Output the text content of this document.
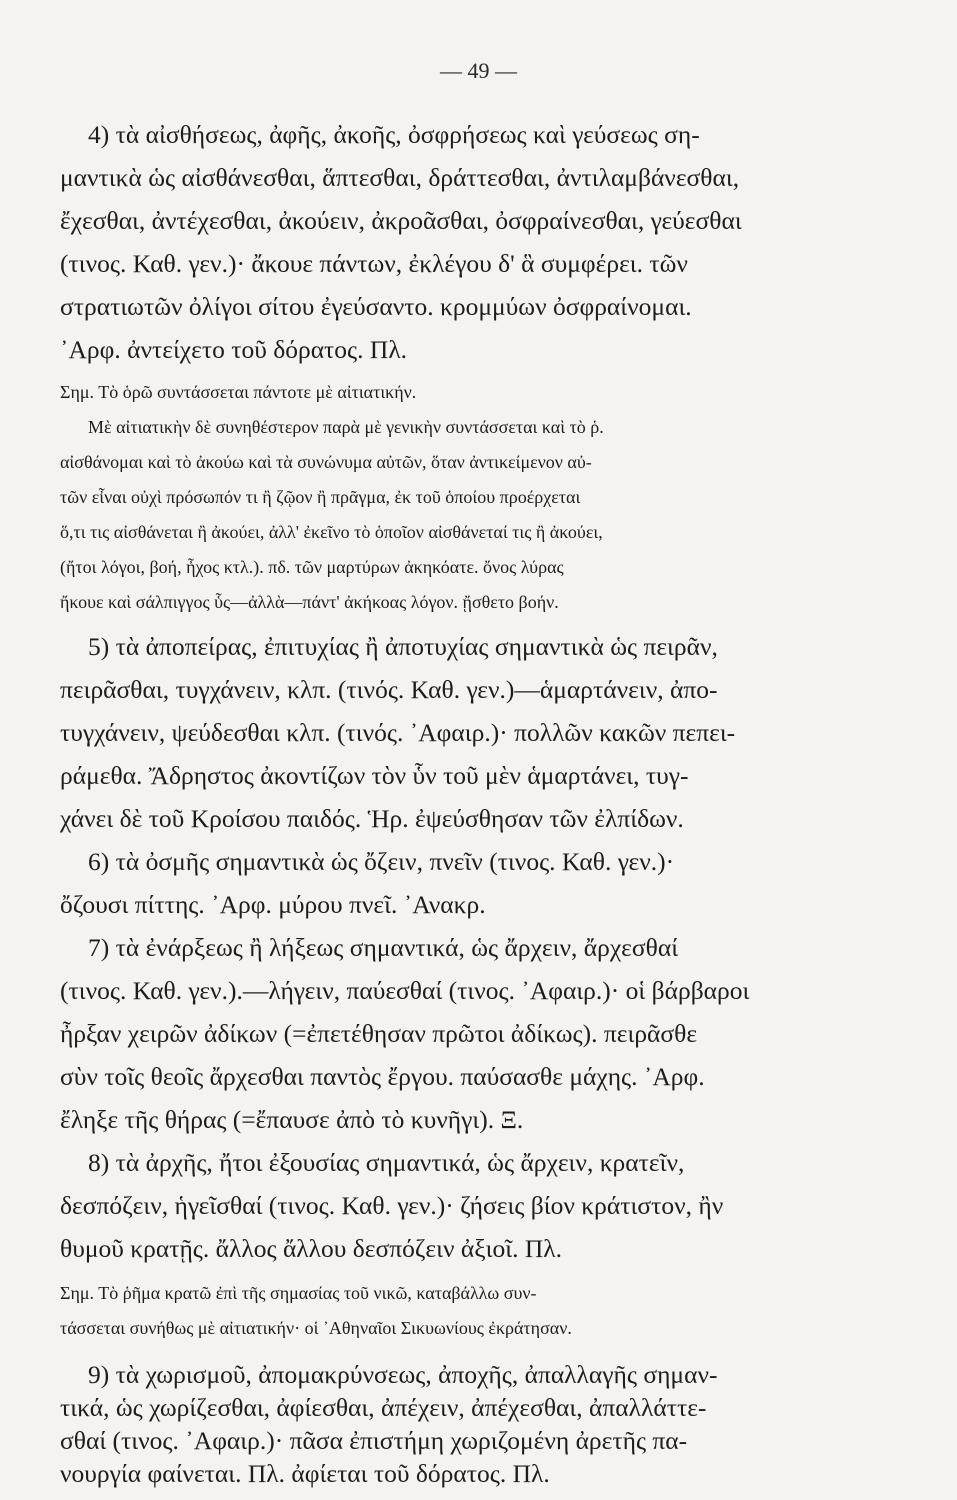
— 49 —
4) τὰ αἰσθήσεως, ἀφῆς, ἀκοῆς, ὀσφρήσεως καὶ γεύσεως ση-
μαντικὰ ὡς αἰσθάνεσθαι, ἅπτεσθαι, δράττεσθαι, ἀντιλαμβάνεσθαι,
ἔχεσθαι, ἀντέχεσθαι, ἀκούειν, ἀκροᾶσθαι, ὀσφραίνεσθαι, γεύεσθαι
(τινος. Καθ. γεν.)· ἄκουε πάντων, ἐκλέγου δ' ἃ συμφέρει. τῶν
στρατιωτῶν ὀλίγοι σίτου ἐγεύσαντο. κρομμύων ὀσφραίνομαι.
᾿Αρφ. ἀντείχετο τοῦ δόρατος. Πλ.
Σημ. Τὸ ὁρῶ συντάσσεται πάντοτε μὲ αἰτιατικήν.
Μὲ αἰτιατικὴν δὲ συνηθέστερον παρὰ μὲ γενικὴν συντάσσεται καὶ τὸ ῥ.
αἰσθάνομαι καὶ τὸ ἀκούω καὶ τὰ συνώνυμα αὐτῶν, ὅταν ἀντικείμενον αὐ-
τῶν εἶναι οὐχὶ πρόσωπόν τι ἢ ζῷον ἢ πρᾶγμα, ἐκ τοῦ ὁποίου προέρχεται
ὅ,τι τις αἰσθάνεται ἢ ἀκούει, ἀλλ' ἐκεῖνο τὸ ὁποῖον αἰσθάνεταί τις ἢ ἀκούει,
(ἤτοι λόγοι, βοή, ἦχος κτλ.). πδ. τῶν μαρτύρων ἀκηκόατε. ὄνος λύρας
ἤκουε καὶ σάλπιγγος ὗς—ἀλλὰ—πάντ' ἀκήκοας λόγον. ᾔσθετο βοήν.
5) τὰ ἀποπείρας, ἐπιτυχίας ἢ ἀποτυχίας σημαντικὰ ὡς πειρᾶν,
πειρᾶσθαι, τυγχάνειν, κλπ. (τινός. Καθ. γεν.)—ἁμαρτάνειν, ἀπο-
τυγχάνειν, ψεύδεσθαι κλπ. (τινός. ᾿Αφαιρ.)· πολλῶν κακῶν πεπει-
ράμεθα. Ἄδρηστος ἀκοντίζων τὸν ὗν τοῦ μὲν ἁμαρτάνει, τυγ-
χάνει δὲ τοῦ Κροίσου παιδός. Ἡρ. ἐψεύσθησαν τῶν ἐλπίδων.
6) τὰ ὀσμῆς σημαντικὰ ὡς ὄζειν, πνεῖν (τινος. Καθ. γεν.)·
ὄζουσι πίττης. ᾿Αρφ. μύρου πνεῖ. ᾿Ανακρ.
7) τὰ ἐνάρξεως ἢ λήξεως σημαντικά, ὡς ἄρχειν, ἄρχεσθαί
(τινος. Καθ. γεν.).—λήγειν, παύεσθαί (τινος. ᾿Αφαιρ.)· οἱ βάρβαροι
ἦρξαν χειρῶν ἀδίκων (=ἐπετέθησαν πρῶτοι ἀδίκως). πειρᾶσθε
σὺν τοῖς θεοῖς ἄρχεσθαι παντὸς ἔργου. παύσασθε μάχης. ᾿Αρφ.
ἔληξε τῆς θήρας (=ἔπαυσε ἀπὸ τὸ κυνῆγι). Ξ.
8) τὰ ἀρχῆς, ἤτοι ἐξουσίας σημαντικά, ὡς ἄρχειν, κρατεῖν,
δεσπόζειν, ἡγεῖσθαί (τινος. Καθ. γεν.)· ζήσεις βίον κράτιστον, ἢν
θυμοῦ κρατῇς. ἄλλος ἄλλου δεσπόζειν ἀξιοῖ. Πλ.
Σημ. Τὸ ῥῆμα κρατῶ ἐπὶ τῆς σημασίας τοῦ νικῶ, καταβάλλω συν-
τάσσεται συνήθως μὲ αἰτιατικήν· οἱ ᾿Αθηναῖοι Σικυωνίους ἐκράτησαν.
9) τὰ χωρισμοῦ, ἀπομακρύνσεως, ἀποχῆς, ἀπαλλαγῆς σημαν-
τικά, ὡς χωρίζεσθαι, ἀφίεσθαι, ἀπέχειν, ἀπέχεσθαι, ἀπαλλάττε-
σθαί (τινος. ᾿Αφαιρ.)· πᾶσα ἐπιστήμη χωριζομένη ἀρετῆς πα-
νουργία φαίνεται. Πλ. ἀφίεται τοῦ δόρατος. Πλ.
